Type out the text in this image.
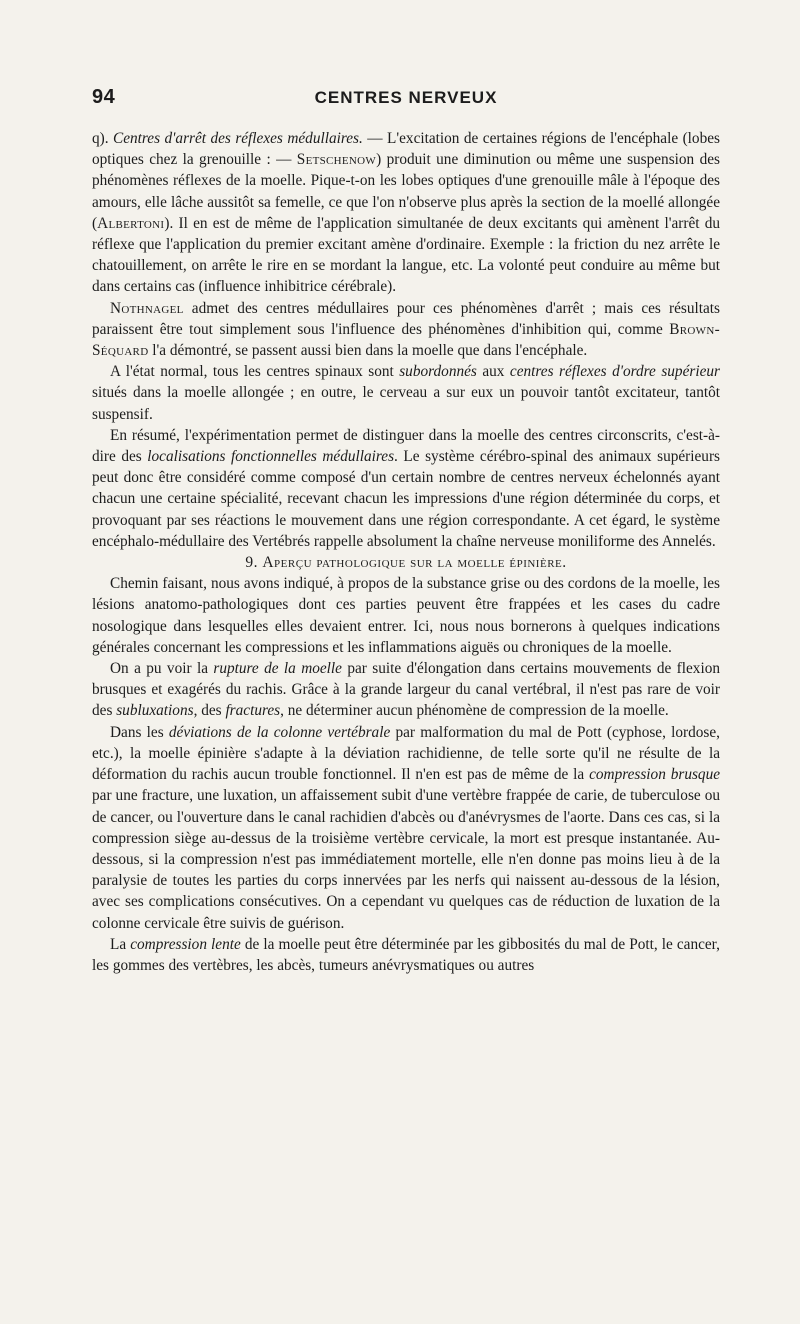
94	CENTRES NERVEUX

q). Centres d'arrêt des réflexes médullaires. — L'excitation de certaines régions de l'encéphale (lobes optiques chez la grenouille : — Setschenow) produit une diminution ou même une suspension des phénomènes réflexes de la moelle. Pique-t-on les lobes optiques d'une grenouille mâle à l'époque des amours, elle lâche aussitôt sa femelle, ce que l'on n'observe plus après la section de la moellé allongée (Albertoni). Il en est de même de l'application simultanée de deux excitants qui amènent l'arrêt du réflexe que l'application du premier excitant amène d'ordinaire. Exemple : la friction du nez arrête le chatouillement, on arrête le rire en se mordant la langue, etc. La volonté peut conduire au même but dans certains cas (influence inhibitrice cérébrale).

Nothnagel admet des centres médullaires pour ces phénomènes d'arrêt ; mais ces résultats paraissent être tout simplement sous l'influence des phénomènes d'inhibition qui, comme Brown-Séquard l'a démontré, se passent aussi bien dans la moelle que dans l'encéphale.

A l'état normal, tous les centres spinaux sont subordonnés aux centres réflexes d'ordre supérieur situés dans la moelle allongée ; en outre, le cerveau a sur eux un pouvoir tantôt excitateur, tantôt suspensif.

En résumé, l'expérimentation permet de distinguer dans la moelle des centres circonscrits, c'est-à-dire des localisations fonctionnelles médullaires. Le système cérébro-spinal des animaux supérieurs peut donc être considéré comme composé d'un certain nombre de centres nerveux échelonnés ayant chacun une certaine spécialité, recevant chacun les impressions d'une région déterminée du corps, et provoquant par ses réactions le mouvement dans une région correspondante. A cet égard, le système encéphalo-médullaire des Vertébrés rappelle absolument la chaîne nerveuse moniliforme des Annelés.

9. Aperçu pathologique sur la moelle épinière.

Chemin faisant, nous avons indiqué, à propos de la substance grise ou des cordons de la moelle, les lésions anatomo-pathologiques dont ces parties peuvent être frappées et les cases du cadre nosologique dans lesquelles elles devaient entrer. Ici, nous nous bornerons à quelques indications générales concernant les compressions et les inflammations aiguës ou chroniques de la moelle.

On a pu voir la rupture de la moelle par suite d'élongation dans certains mouvements de flexion brusques et exagérés du rachis. Grâce à la grande largeur du canal vertébral, il n'est pas rare de voir des subluxations, des fractures, ne déterminer aucun phénomène de compression de la moelle.

Dans les déviations de la colonne vertébrale par malformation du mal de Pott (cyphose, lordose, etc.), la moelle épinière s'adapte à la déviation rachidienne, de telle sorte qu'il ne résulte de la déformation du rachis aucun trouble fonctionnel. Il n'en est pas de même de la compression brusque par une fracture, une luxation, un affaissement subit d'une vertèbre frappée de carie, de tuberculose ou de cancer, ou l'ouverture dans le canal rachidien d'abcès ou d'anévrysmes de l'aorte. Dans ces cas, si la compression siège au-dessus de la troisième vertèbre cervicale, la mort est presque instantanée. Au-dessous, si la compression n'est pas immédiatement mortelle, elle n'en donne pas moins lieu à de la paralysie de toutes les parties du corps innervées par les nerfs qui naissent au-dessous de la lésion, avec ses complications consécutives. On a cependant vu quelques cas de réduction de luxation de la colonne cervicale être suivis de guérison.

La compression lente de la moelle peut être déterminée par les gibbosités du mal de Pott, le cancer, les gommes des vertèbres, les abcès, tumeurs anévrysmatiques ou autres
